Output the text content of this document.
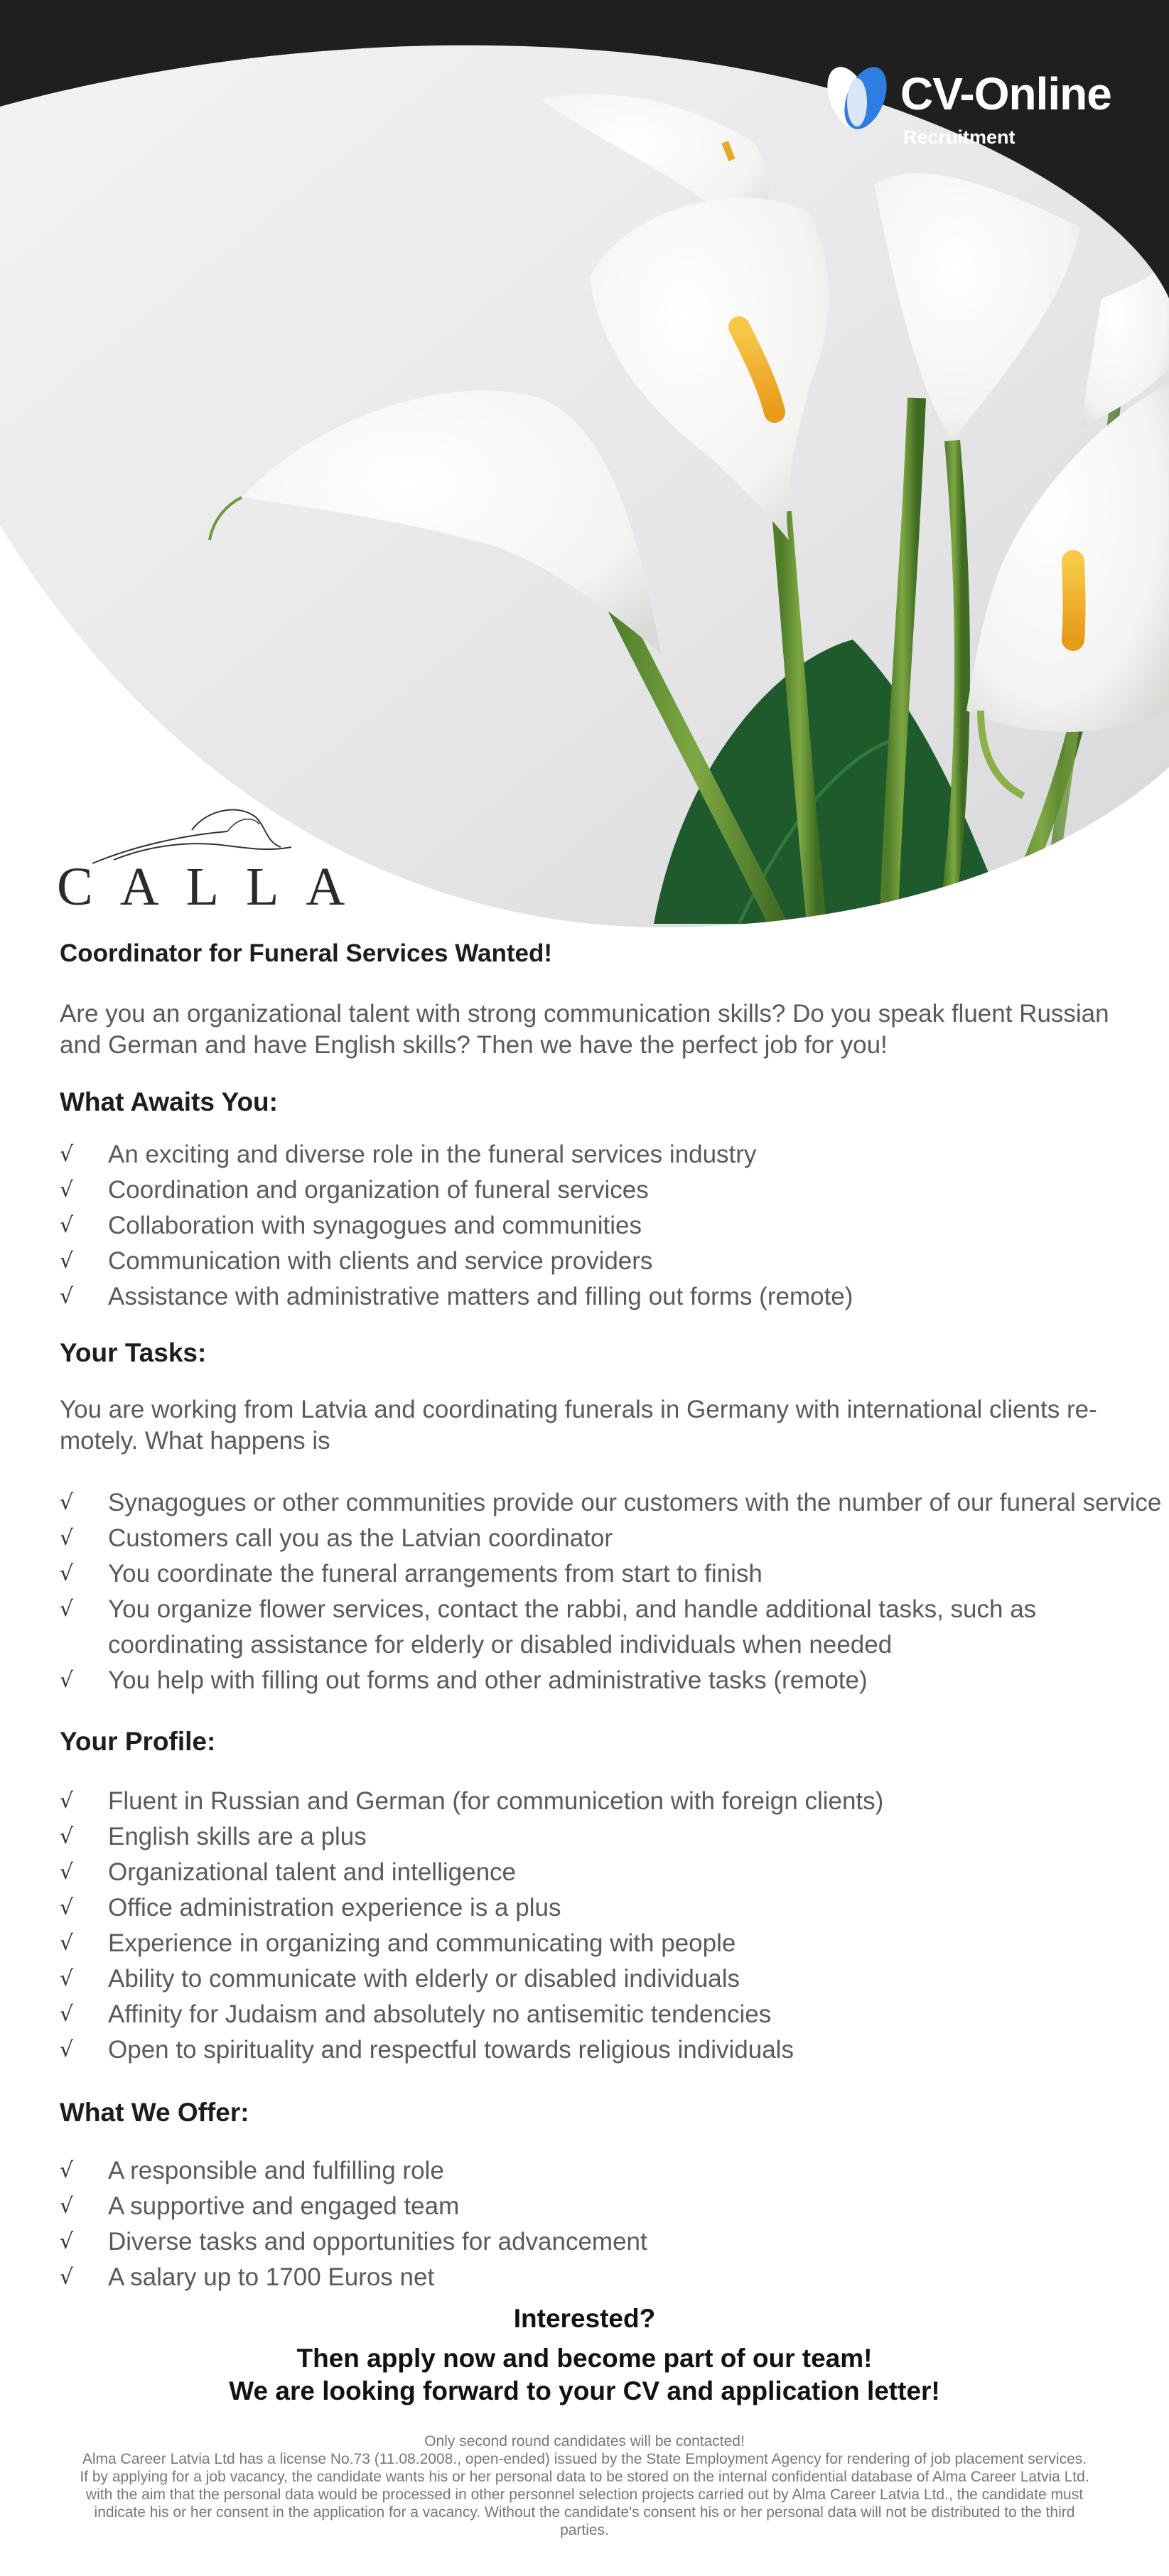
CV-Online
Recruitment
CALLA
Coordinator for Funeral Services Wanted!
Are you an organizational talent with strong communication skills? Do you speak fluent Russian and German and have English skills? Then we have the perfect job for you!
What Awaits You:
√ An exciting and diverse role in the funeral services industry
√ Coordination and organization of funeral services
√ Collaboration with synagogues and communities
√ Communication with clients and service providers
√ Assistance with administrative matters and filling out forms (remote)
Your Tasks:
You are working from Latvia and coordinating funerals in Germany with international clients re-motely. What happens is
√ Synagogues or other communities provide our customers with the number of our funeral service
√ Customers call you as the Latvian coordinator
√ You coordinate the funeral arrangements from start to finish
√ You organize flower services, contact the rabbi, and handle additional tasks, such as coordinating assistance for elderly or disabled individuals when needed
√ You help with filling out forms and other administrative tasks (remote)
Your Profile:
√ Fluent in Russian and German (for communicetion with foreign clients)
√ English skills are a plus
√ Organizational talent and intelligence
√ Office administration experience is a plus
√ Experience in organizing and communicating with people
√ Ability to communicate with elderly or disabled individuals
√ Affinity for Judaism and absolutely no antisemitic tendencies
√ Open to spirituality and respectful towards religious individuals
What We Offer:
√ A responsible and fulfilling role
√ A supportive and engaged team
√ Diverse tasks and opportunities for advancement
√ A salary up to 1700 Euros net
Interested?
Then apply now and become part of our team!
We are looking forward to your CV and application letter!
Only second round candidates will be contacted!
Alma Career Latvia Ltd has a license No.73 (11.08.2008., open-ended) issued by the State Employment Agency for rendering of job placement services. If by applying for a job vacancy, the candidate wants his or her personal data to be stored on the internal confidential database of Alma Career Latvia Ltd. with the aim that the personal data would be processed in other personnel selection projects carried out by Alma Career Latvia Ltd., the candidate must indicate his or her consent in the application for a vacancy. Without the candidate's consent his or her personal data will not be distributed to the third parties.
